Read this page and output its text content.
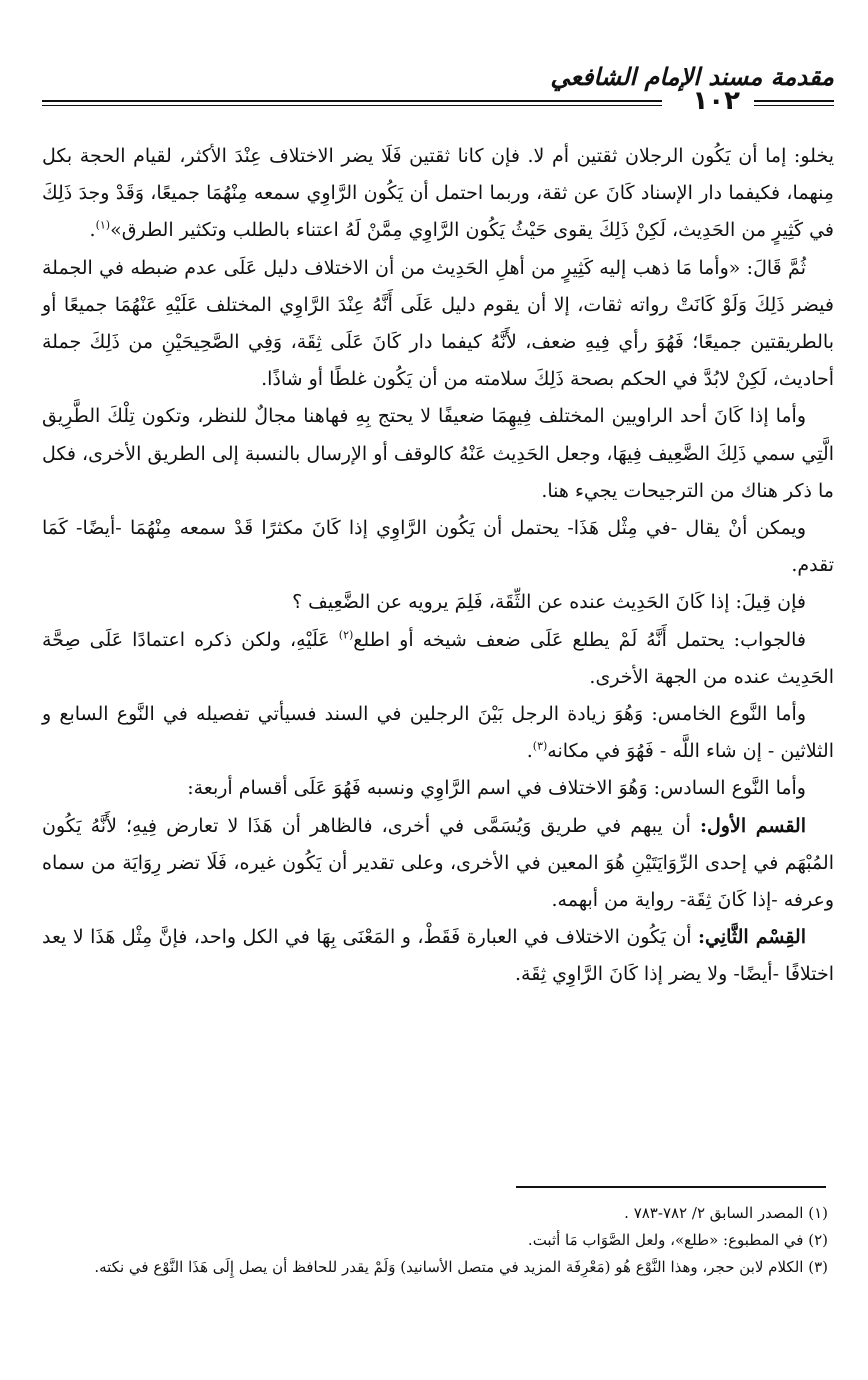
مقدمة مسند الإمام الشافعي
١٠٢

يخلو: إما أن يَكُون الرجلان ثقتين أم لا. فإن كانا ثقتين فَلَا يضر الاختلاف عِنْدَ الأكثر، لقيام الحجة بكل مِنهما، فكيفما دار الإسناد كَانَ عن ثقة، وربما احتمل أن يَكُون الرَّاوِي سمعه مِنْهُمَا جميعًا، وَقَدْ وجدَ ذَلِكَ في كَثِيرٍ من الحَدِيث، لَكِنْ ذَلِكَ يقوى حَيْثُ يَكُون الرَّاوِي مِمَّنْ لَهُ اعتناء بالطلب وتكثير الطرق»$^{(١)}$.

ثُمَّ قَالَ: «وأما مَا ذهب إليه كَثِيرٍ من أهلِ الحَدِيث من أن الاختلاف دليل عَلَى عدم ضبطه في الجملة فيضر ذَلِكَ وَلَوْ كَانَتْ رواته ثقات، إلا أن يقوم دليل عَلَى أَنَّهُ عِنْدَ الرَّاوِي المختلف عَلَيْهِ عَنْهُمَا جميعًا أو بالطريقتين جميعًا؛ فَهُوَ رأي فِيهِ ضعف، لأَنَّهُ كيفما دار كَانَ عَلَى ثِقَة، وَفِي الصَّحِيحَيْنِ من ذَلِكَ جملة أحاديث، لَكِنْ لابُدَّ في الحكم بصحة ذَلِكَ سلامته من أن يَكُون غلطًا أو شاذًا.

وأما إذا كَانَ أحد الراويين المختلف فِيهِمَا ضعيفًا لا يحتج بِهِ فهاهنا مجالٌ للنظر، وتكون تِلْكَ الطَّرِيق الَّتِي سمي ذَلِكَ الضَّعِيف فِيهَا، وجعل الحَدِيث عَنْهُ كالوقف أو الإرسال بالنسبة إلى الطريق الأخرى، فكل ما ذكر هناك من الترجيحات يجيء هنا.

ويمكن أنْ يقال -في مِثْل هَذَا- يحتمل أن يَكُون الرَّاوِي إذا كَانَ مكثرًا قَدْ سمعه مِنْهُمَا -أيضًا- كَمَا تقدم.

فإن قِيلَ: إذا كَانَ الحَدِيث عنده عن الثِّقَة، فَلِمَ يرويه عن الضَّعِيف ؟

فالجواب: يحتمل أَنَّهُ لَمْ يطلع عَلَى ضعف شيخه أو اطلع$^{(٢)}$ عَلَيْهِ، ولكن ذكره اعتمادًا عَلَى صِحَّة الحَدِيث عنده من الجهة الأخرى.

وأما النَّوع الخامس: وَهُوَ زيادة الرجل بَيْنَ الرجلين في السند فسيأتي تفصيله في النَّوع السابع و الثلاثين - إن شاء اللَّه - فَهُوَ في مكانه$^{(٣)}$.

وأما النَّوع السادس: وَهُوَ الاختلاف في اسم الرَّاوِي ونسبه فَهُوَ عَلَى أقسام أربعة:

القسم الأول: أن يبهم في طريق وَيُسَمَّى في أخرى، فالظاهر أن هَذَا لا تعارض فِيهِ؛ لأَنَّهُ يَكُون المُبْهَم في إحدى الرِّوَايَتَيْنِ هُوَ المعين في الأخرى، وعلى تقدير أن يَكُون غيره، فَلَا تضر رِوَايَة من سماه وعرفه -إذا كَانَ ثِقَة- رواية من أبهمه.

القِسْم الثَّانِي: أن يَكُون الاختلاف في العبارة فَقَطْ، و المَعْنَى بِهَا في الكل واحد، فإنَّ مِثْل هَذَا لا يعد اختلافًا -أيضًا- ولا يضر إذا كَانَ الرَّاوِي ثِقَة.

(١) المصدر السابق ٢/ ٧٨٢-٧٨٣ .

(٢) في المطبوع: «طلع»، ولعل الصَّوَاب مَا أثبت.

(٣) الكلام لابن حجر، وهذا النَّوْع هُو (مَعْرِفَة المزيد في متصل الأسانيد) وَلَمْ يقدر للحافظ أن يصل إِلَى هَذَا النَّوْع في نكته.
